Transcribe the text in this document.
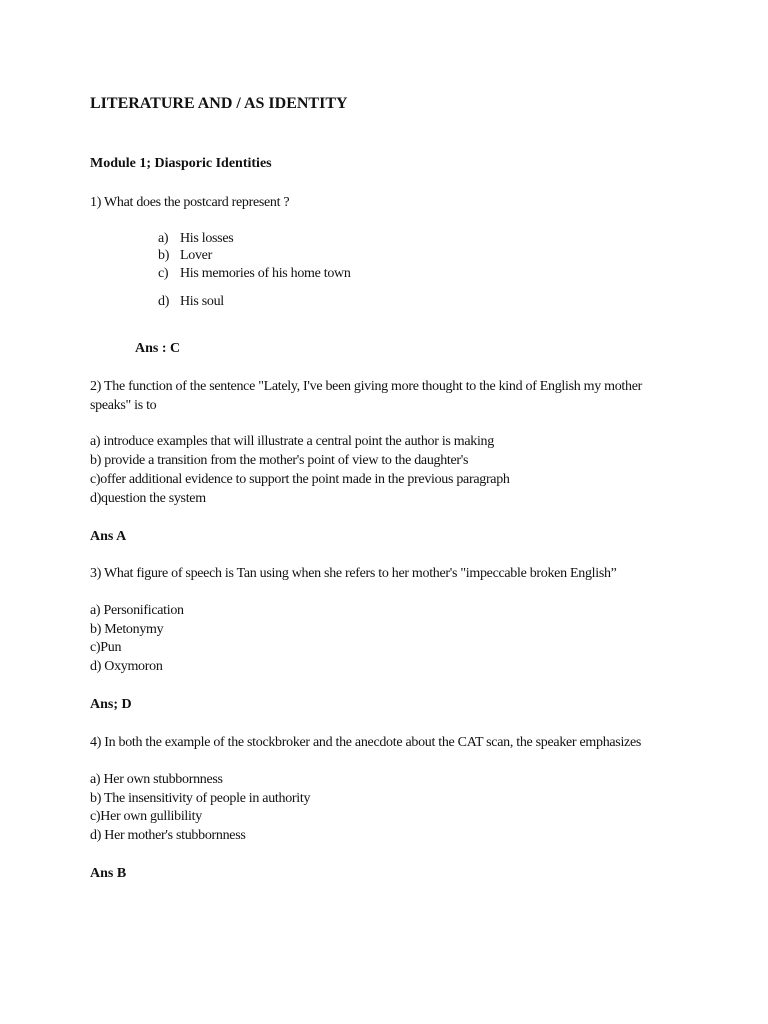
LITERATURE AND / AS IDENTITY
Module 1; Diasporic Identities
1) What does the postcard represent ?
a) His losses
b) Lover
c) His memories of his home town
d) His soul
Ans : C
2) The function of the sentence "Lately, I've been giving more thought to the kind of English my mother
speaks" is to
a) introduce examples that will illustrate a central point the author is making
b) provide a transition from the mother's point of view to the daughter's
c)offer additional evidence to support the point made in the previous paragraph
d)question the system
Ans A
3) What figure of speech is Tan using when she refers to her mother's "impeccable broken English”
a) Personification
b) Metonymy
c)Pun
d) Oxymoron
Ans; D
4) In both the example of the stockbroker and the anecdote about the CAT scan, the speaker emphasizes
a) Her own stubbornness
b) The insensitivity of people in authority
c)Her own gullibility
d) Her mother's stubbornness
Ans B
